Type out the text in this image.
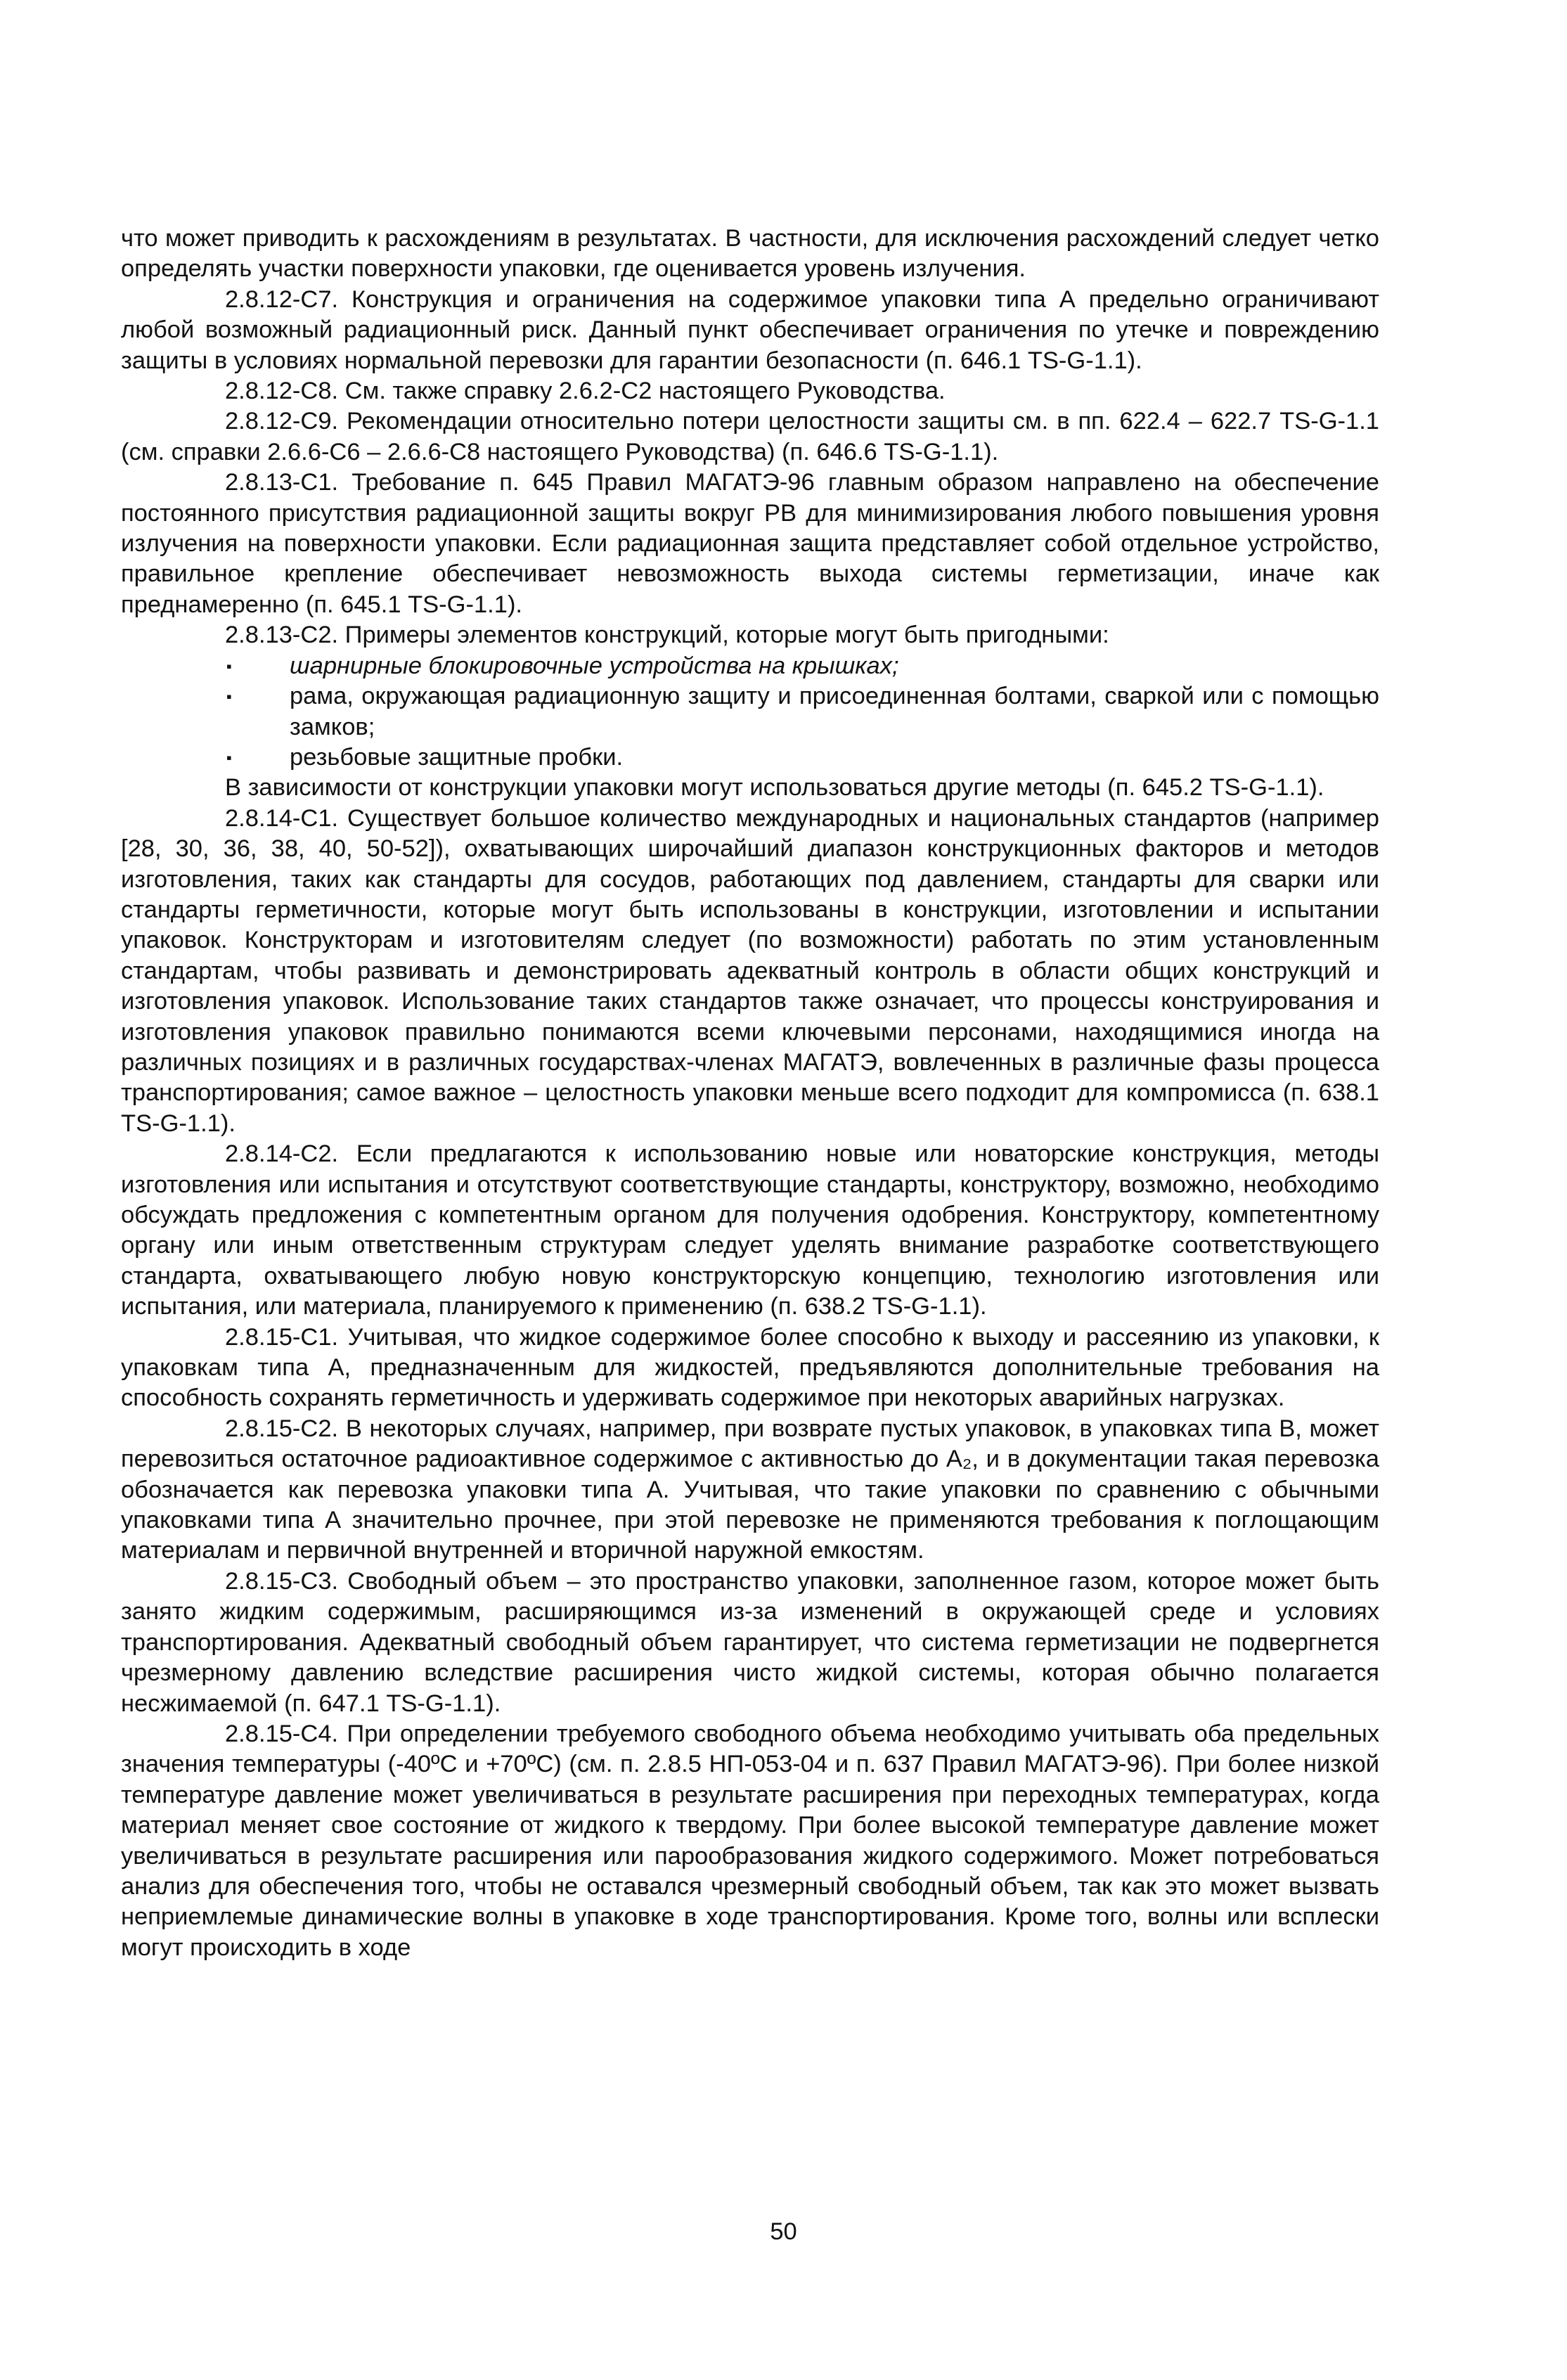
что может приводить к расхождениям в результатах. В частности, для исключения расхождений следует четко определять участки поверхности упаковки, где оценивается уровень излучения.

2.8.12-С7. Конструкция и ограничения на содержимое упаковки типа А предельно ограничивают любой возможный радиационный риск. Данный пункт обеспечивает ограничения по утечке и повреждению защиты в условиях нормальной перевозки для гарантии безопасности (п. 646.1 TS-G-1.1).

2.8.12-С8. См. также справку 2.6.2-С2 настоящего Руководства.

2.8.12-С9. Рекомендации относительно потери целостности защиты см. в пп. 622.4 – 622.7 TS-G-1.1 (см. справки 2.6.6-С6 – 2.6.6-С8 настоящего Руководства) (п. 646.6 TS-G-1.1).

2.8.13-С1. Требование п. 645 Правил МАГАТЭ-96 главным образом направлено на обеспечение постоянного присутствия радиационной защиты вокруг РВ для минимизирования любого повышения уровня излучения на поверхности упаковки. Если радиационная защита представляет собой отдельное устройство, правильное крепление обеспечивает невозможность выхода системы герметизации, иначе как преднамеренно (п. 645.1 TS-G-1.1).

2.8.13-С2. Примеры элементов конструкций, которые могут быть пригодными:

▪ шарнирные блокировочные устройства на крышках;
▪ рама, окружающая радиационную защиту и присоединенная болтами, сваркой или с помощью замков;
▪ резьбовые защитные пробки.

В зависимости от конструкции упаковки могут использоваться другие методы (п. 645.2 TS-G-1.1).

2.8.14-С1. Существует большое количество международных и национальных стандартов (например [28, 30, 36, 38, 40, 50-52]), охватывающих широчайший диапазон конструкционных факторов и методов изготовления, таких как стандарты для сосудов, работающих под давлением, стандарты для сварки или стандарты герметичности, которые могут быть использованы в конструкции, изготовлении и испытании упаковок. Конструкторам и изготовителям следует (по возможности) работать по этим установленным стандартам, чтобы развивать и демонстрировать адекватный контроль в области общих конструкций и изготовления упаковок. Использование таких стандартов также означает, что процессы конструирования и изготовления упаковок правильно понимаются всеми ключевыми персонами, находящимися иногда на различных позициях и в различных государствах-членах МАГАТЭ, вовлеченных в различные фазы процесса транспортирования; самое важное – целостность упаковки меньше всего подходит для компромисса (п. 638.1 TS-G-1.1).

2.8.14-С2. Если предлагаются к использованию новые или новаторские конструкция, методы изготовления или испытания и отсутствуют соответствующие стандарты, конструктору, возможно, необходимо обсуждать предложения с компетентным органом для получения одобрения. Конструктору, компетентному органу или иным ответственным структурам следует уделять внимание разработке соответствующего стандарта, охватывающего любую новую конструкторскую концепцию, технологию изготовления или испытания, или материала, планируемого к применению (п. 638.2 TS-G-1.1).

2.8.15-С1. Учитывая, что жидкое содержимое более способно к выходу и рассеянию из упаковки, к упаковкам типа А, предназначенным для жидкостей, предъявляются дополнительные требования на способность сохранять герметичность и удерживать содержимое при некоторых аварийных нагрузках.

2.8.15-С2. В некоторых случаях, например, при возврате пустых упаковок, в упаковках типа В, может перевозиться остаточное радиоактивное содержимое с активностью до A₂, и в документации такая перевозка обозначается как перевозка упаковки типа А. Учитывая, что такие упаковки по сравнению с обычными упаковками типа А значительно прочнее, при этой перевозке не применяются требования к поглощающим материалам и первичной внутренней и вторичной наружной емкостям.

2.8.15-С3. Свободный объем – это пространство упаковки, заполненное газом, которое может быть занято жидким содержимым, расширяющимся из-за изменений в окружающей среде и условиях транспортирования. Адекватный свободный объем гарантирует, что система герметизации не подвергнется чрезмерному давлению вследствие расширения чисто жидкой системы, которая обычно полагается несжимаемой (п. 647.1 TS-G-1.1).

2.8.15-С4. При определении требуемого свободного объема необходимо учитывать оба предельных значения температуры (-40ºС и +70ºС) (см. п. 2.8.5 НП-053-04 и п. 637 Правил МАГАТЭ-96). При более низкой температуре давление может увеличиваться в результате расширения при переходных температурах, когда материал меняет свое состояние от жидкого к твердому. При более высокой температуре давление может увеличиваться в результате расширения или парообразования жидкого содержимого. Может потребоваться анализ для обеспечения того, чтобы не оставался чрезмерный свободный объем, так как это может вызвать неприемлемые динамические волны в упаковке в ходе транспортирования. Кроме того, волны или всплески могут происходить в ходе

50
